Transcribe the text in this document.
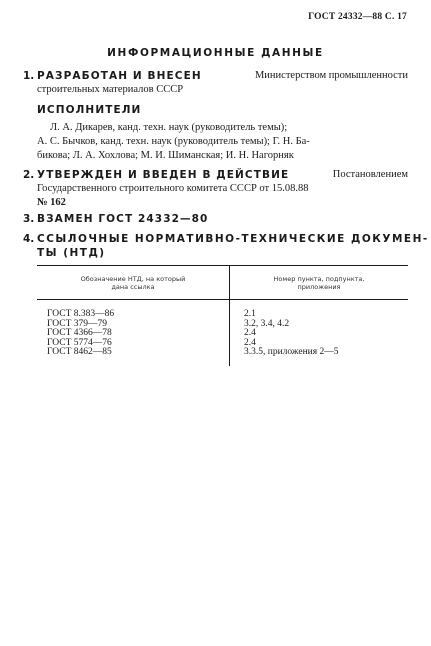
ГОСТ 24332—88 С. 17
ИНФОРМАЦИОННЫЕ ДАННЫЕ
1. РАЗРАБОТАН И ВНЕСЕН	Министерством промышленности
строительных материалов СССР
ИСПОЛНИТЕЛИ
Л. А. Дикарев, канд. техн. наук (руководитель темы);
А. С. Бычков, канд. техн. наук (руководитель темы); Г. Н. Ба-
бикова; Л. А. Хохлова; М. И. Шиманская; И. Н. Нагорняк
2. УТВЕРЖДЕН И ВВЕДЕН В ДЕЙСТВИЕ	Постановлением
Государственного строительного комитета СССР от 15.08.88
№ 162
3. ВЗАМЕН ГОСТ 24332—80
4. ССЫЛОЧНЫЕ НОРМАТИВНО-ТЕХНИЧЕСКИЕ ДОКУМЕН-
ТЫ (НТД)
Обозначение НТД, на который
дана ссылка
Номер пункта, подпункта,
приложения
ГОСТ 8.383—86	2.1
ГОСТ 379—79	3.2, 3.4, 4.2
ГОСТ 4366—78	2.4
ГОСТ 5774—76	2.4
ГОСТ 8462—85	3.3.5, приложения 2—5
